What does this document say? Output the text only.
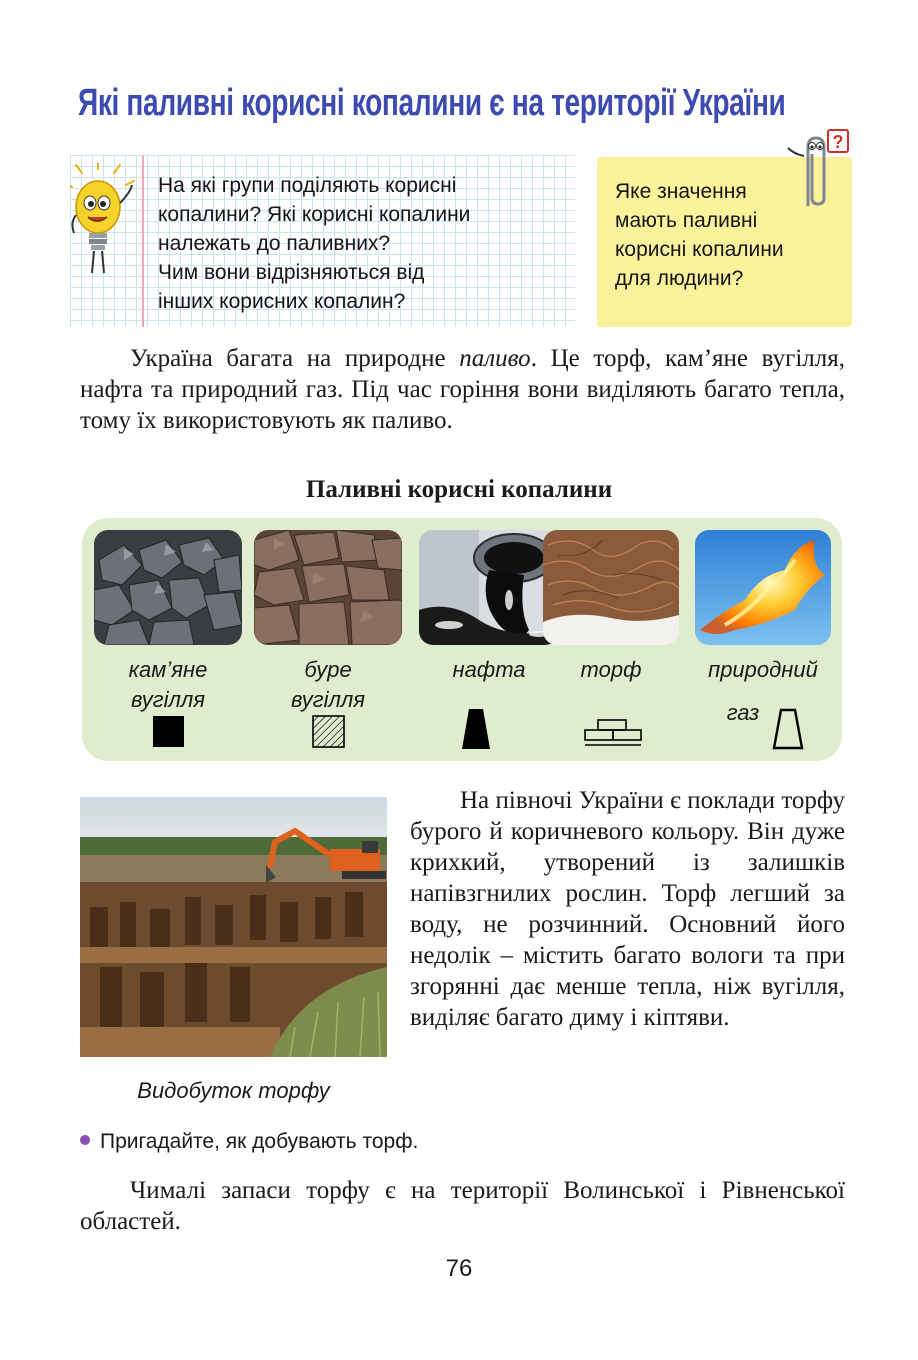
Які паливні корисні копалини є на території України
На які групи поділяють корисні
копалини? Які корисні копалини
належать до паливних?
Чим вони відрізняються від
інших корисних копалин?
Яке значення
мають паливні
корисні копалини
для людини?
?

Україна багата на природне паливо. Це торф, кам’яне вугілля, нафта та природний газ. Під час горіння вони виділяють багато тепла, тому їх використовують як паливо.

Паливні корисні копалини
кам’яне
вугілля
буре
вугілля
нафта	торф	природний
газ
Видобуток торфу

На півночі України є поклади торфу бурого й коричневого кольору. Він дуже крихкий, утворений із залишків напівзгнилих рослин. Торф легший за воду, не розчинний. Основний його недолік – містить багато вологи та при згорянні дає менше тепла, ніж вугілля, виділяє багато диму і кіптяви.

Пригадайте, як добувають торф.

Чималі запаси торфу є на території Волинської і Рівненської областей.

76
